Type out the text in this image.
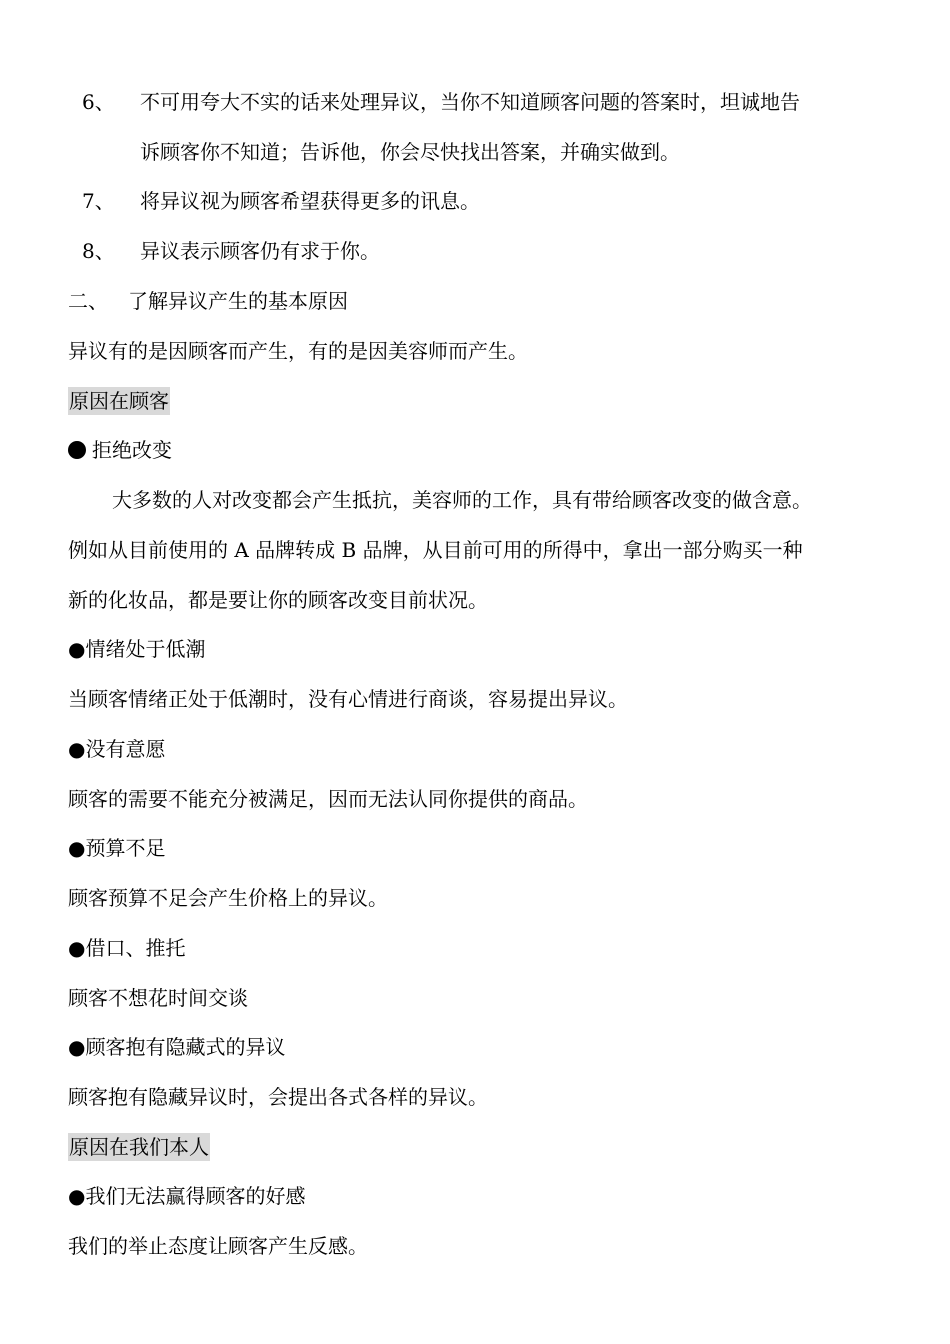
6、 不可用夸大不实的话来处理异议，当你不知道顾客问题的答案时，坦诚地告
诉顾客你不知道；告诉他，你会尽快找出答案，并确实做到。
7、 将异议视为顾客希望获得更多的讯息。
8、 异议表示顾客仍有求于你。
二、 了解异议产生的基本原因
异议有的是因顾客而产生，有的是因美容师而产生。
原因在顾客
拒绝改变
大多数的人对改变都会产生抵抗，美容师的工作，具有带给顾客改变的做含意。
例如从目前使用的 A 品牌转成 B 品牌，从目前可用的所得中，拿出一部分购买一种
新的化妆品，都是要让你的顾客改变目前状况。
●情绪处于低潮
当顾客情绪正处于低潮时，没有心情进行商谈，容易提出异议。
●没有意愿
顾客的需要不能充分被满足，因而无法认同你提供的商品。
●预算不足
顾客预算不足会产生价格上的异议。
●借口、推托
顾客不想花时间交谈
●顾客抱有隐藏式的异议
顾客抱有隐藏异议时，会提出各式各样的异议。
原因在我们本人
●我们无法赢得顾客的好感
我们的举止态度让顾客产生反感。
